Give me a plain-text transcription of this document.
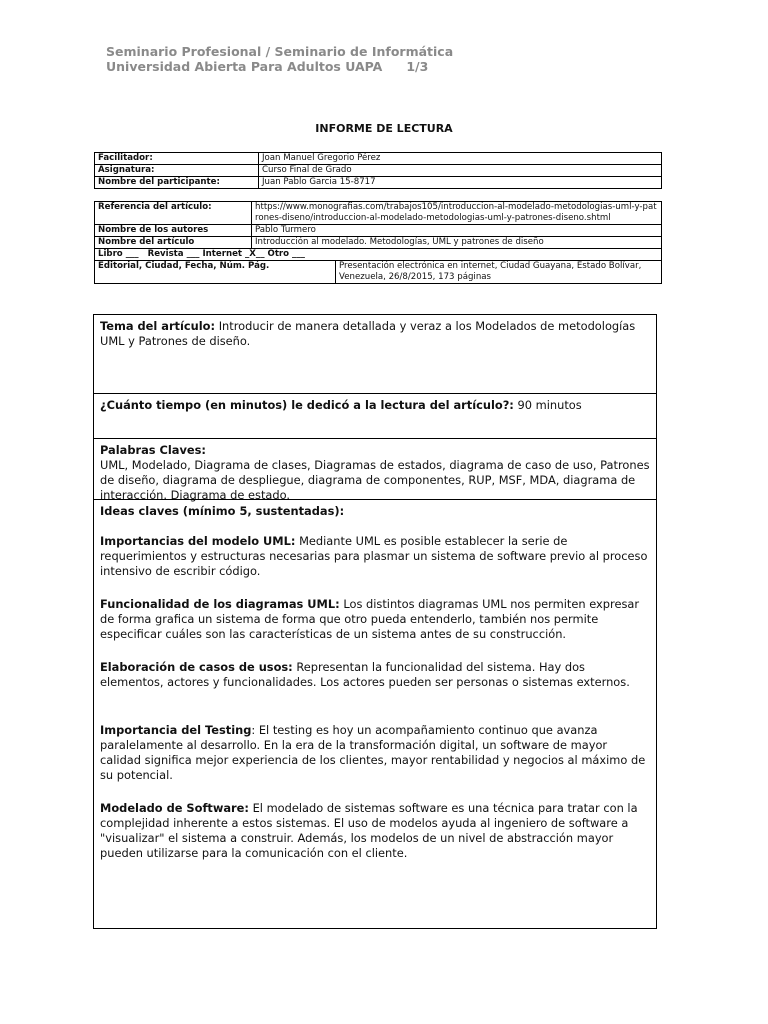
Seminario Profesional / Seminario de Informática
Universidad Abierta Para Adultos UAPA 1/3
INFORME DE LECTURA
Facilitador:	Joan Manuel Gregorio Pérez
Asignatura:	Curso Final de Grado
Nombre del participante:	Juan Pablo Garcia 15-8717
Referencia del artículo:	https://www.monografias.com/trabajos105/introduccion-al-modelado-metodologias-uml-y-patrones-diseno/introduccion-al-modelado-metodologias-uml-y-patrones-diseno.shtml	
Nombre de los autores	Pablo Turmero	
Nombre del artículo	Introducción al modelado. Metodologías, UML y patrones de diseño	
Libro ___   Revista ___ Internet _X__ Otro ___		
Editorial, Ciudad, Fecha, Núm. Pág.		Presentación electrónica en internet, Ciudad Guayana, Estado Bolívar, Venezuela, 26/8/2015, 173 páginas
Tema del artículo: Introducir de manera detallada y veraz a los Modelados de metodologías UML y Patrones de diseño.
¿Cuánto tiempo (en minutos) le dedicó a la lectura del artículo?: 90 minutos
Palabras Claves:
UML, Modelado, Diagrama de clases, Diagramas de estados, diagrama de caso de uso, Patrones de diseño, diagrama de despliegue, diagrama de componentes, RUP, MSF, MDA, diagrama de interacción. Diagrama de estado.
Ideas claves (mínimo 5, sustentadas):

Importancias del modelo UML: Mediante UML es posible establecer la serie de requerimientos y estructuras necesarias para plasmar un sistema de software previo al proceso intensivo de escribir código.

Funcionalidad de los diagramas UML: Los distintos diagramas UML nos permiten expresar de forma grafica un sistema de forma que otro pueda entenderlo, también nos permite especificar cuáles son las características de un sistema antes de su construcción.

Elaboración de casos de usos: Representan la funcionalidad del sistema. Hay dos elementos, actores y funcionalidades. Los actores pueden ser personas o sistemas externos.

Importancia del Testing: El testing es hoy un acompañamiento continuo que avanza paralelamente al desarrollo. En la era de la transformación digital, un software de mayor calidad significa mejor experiencia de los clientes, mayor rentabilidad y negocios al máximo de su potencial.

Modelado de Software: El modelado de sistemas software es una técnica para tratar con la complejidad inherente a estos sistemas. El uso de modelos ayuda al ingeniero de software a "visualizar" el sistema a construir. Además, los modelos de un nivel de abstracción mayor pueden utilizarse para la comunicación con el cliente.
